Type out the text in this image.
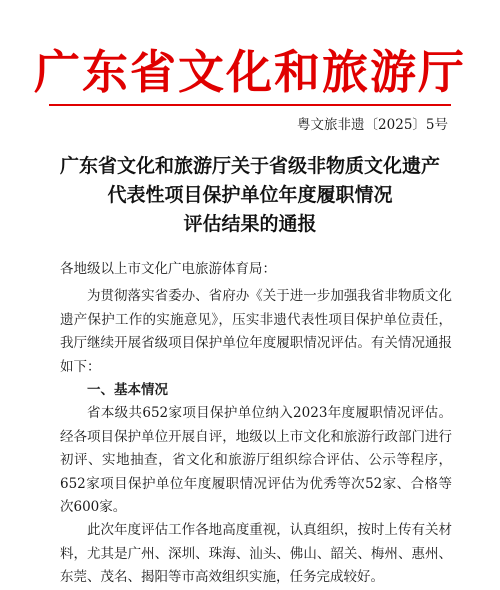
广东省文化和旅游厅
粤文旅非遗〔2025〕5号
广东省文化和旅游厅关于省级非物质文化遗产
代表性项目保护单位年度履职情况
评估结果的通报
各地级以上市文化广电旅游体育局：

为贯彻落实省委办、省府办《关于进一步加强我省非物质文化遗产保护工作的实施意见》，压实非遗代表性项目保护单位责任，我厅继续开展省级项目保护单位年度履职情况评估。有关情况通报如下：

一、基本情况

省本级共652家项目保护单位纳入2023年度履职情况评估。经各项目保护单位开展自评，地级以上市文化和旅游行政部门进行初评、实地抽查，省文化和旅游厅组织综合评估、公示等程序，652家项目保护单位年度履职情况评估为优秀等次52家、合格等次600家。

此次年度评估工作各地高度重视，认真组织，按时上传有关材料，尤其是广州、深圳、珠海、汕头、佛山、韶关、梅州、惠州、东莞、茂名、揭阳等市高效组织实施，任务完成较好。
